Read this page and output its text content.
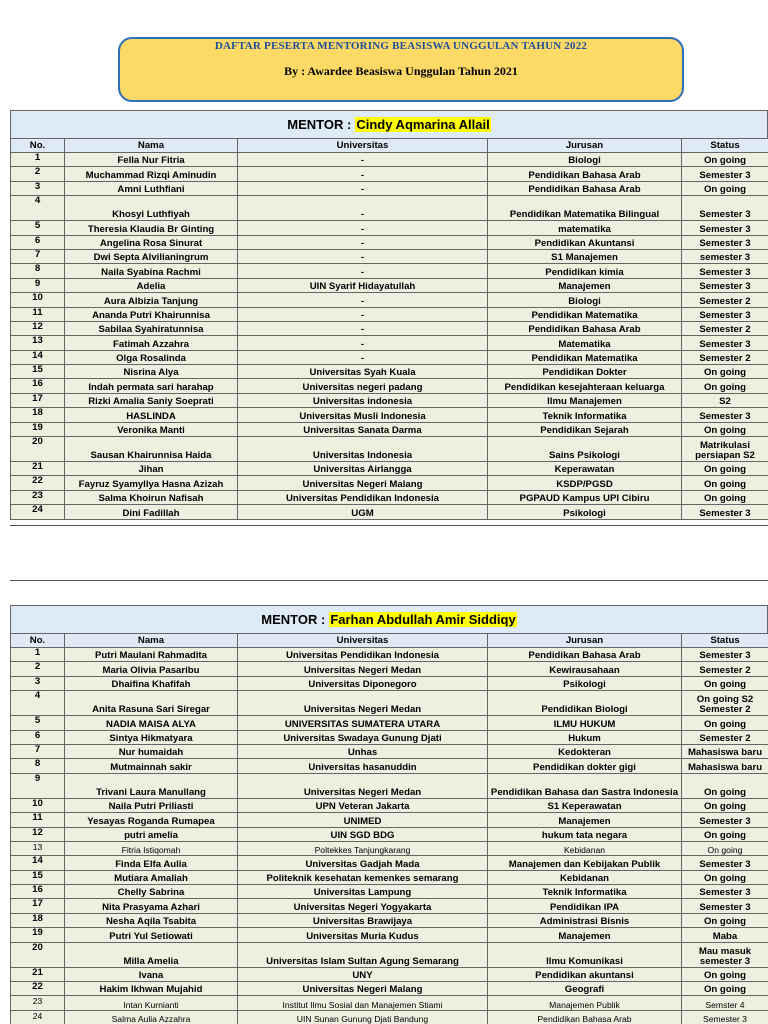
DAFTAR PESERTA MENTORING BEASISWA UNGGULAN TAHUN 2022
By : Awardee Beasiswa Unggulan Tahun 2021
MENTOR : Cindy Aqmarina Allail
No.	Nama	Universitas	Jurusan	Status
1	Fella Nur Fitria	-	Biologi	On going
2	Muchammad Rizqi Aminudin	-	Pendidikan Bahasa Arab	Semester 3
3	Amni Luthfiani	-	Pendidikan Bahasa Arab	On going
4	Khosyi Luthfiyah	-	Pendidikan Matematika Bilingual	Semester 3
5	Theresia Klaudia Br Ginting	-	matematika	Semester 3
6	Angelina Rosa Sinurat	-	Pendidikan Akuntansi	Semester 3
7	Dwi Septa Alvilianingrum	-	S1 Manajemen	semester 3
8	Naila Syabina Rachmi	-	Pendidikan kimia	Semester 3
9	Adelia	UIN Syarif Hidayatullah	Manajemen	Semester 3
10	Aura Albizia Tanjung	-	Biologi	Semester 2
11	Ananda Putri Khairunnisa	-	Pendidikan Matematika	Semester 3
12	Sabilaa Syahiratunnisa	-	Pendidikan Bahasa Arab	Semester 2
13	Fatimah Azzahra	-	Matematika	Semester 3
14	Olga Rosalinda	-	Pendidikan Matematika	Semester 2
15	Nisrina Alya	Universitas Syah Kuala	Pendidikan Dokter	On going
16	Indah permata sari harahap	Universitas negeri padang	Pendidikan kesejahteraan keluarga	On going
17	Rizki Amalia Saniy Soeprati	Universitas indonesia	Ilmu Manajemen	S2
18	HASLINDA	Universitas Musli Indonesia	Teknik Informatika	Semester 3
19	Veronika Manti	Universitas Sanata Darma	Pendidikan Sejarah	On going
20	Sausan Khairunnisa Haida	Universitas Indonesia	Sains Psikologi	Matrikulasi persiapan S2
21	Jihan	Universitas Airlangga	Keperawatan	On going
22	Fayruz Syamyllya Hasna Azizah	Universitas Negeri Malang	KSDP/PGSD	On going
23	Salma Khoirun Nafisah	Universitas Pendidikan Indonesia	PGPAUD Kampus UPI Cibiru	On going
24	Dini Fadillah	UGM	Psikologi	Semester 3
MENTOR : Farhan Abdullah Amir Siddiqy
No.	Nama	Universitas	Jurusan	Status
1	Putri Maulani Rahmadita	Universitas Pendidikan Indonesia	Pendidikan Bahasa Arab	Semester 3
2	Maria Olivia Pasaribu	Universitas Negeri Medan	Kewirausahaan	Semester 2
3	Dhaifina Khafifah	Universitas Diponegoro	Psikologi	On going
4	Anita Rasuna Sari Siregar	Universitas Negeri Medan	Pendidikan Biologi	On going S2 Semester 2
5	NADIA MAISA ALYA	UNIVERSITAS SUMATERA UTARA	ILMU HUKUM	On going
6	Sintya Hikmatyara	Universitas Swadaya Gunung Djati	Hukum	Semester 2
7	Nur humaidah	Unhas	Kedokteran	Mahasiswa baru
8	Mutmainnah sakir	Universitas hasanuddin	Pendidikan dokter gigi	Mahasiswa baru
9	Trivani Laura Manullang	Universitas Negeri Medan	Pendidikan Bahasa dan Sastra Indonesia	On going
10	Naila Putri Priliasti	UPN Veteran Jakarta	S1 Keperawatan	On going
11	Yesayas Roganda Rumapea	UNIMED	Manajemen	Semester 3
12	putri amelia	UIN SGD BDG	hukum tata negara	On going
13	Fitria Istiqomah	Poltekkes Tanjungkarang	Kebidanan	On going
14	Finda Elfa Aulia	Universitas Gadjah Mada	Manajemen dan Kebijakan Publik	Semester 3
15	Mutiara Amaliah	Politeknik kesehatan kemenkes semarang	Kebidanan	On going
16	Chelly Sabrina	Universitas Lampung	Teknik Informatika	Semester 3
17	Nita Prasyama Azhari	Universitas Negeri Yogyakarta	Pendidikan IPA	Semester 3
18	Nesha Aqila Tsabita	Universitas Brawijaya	Administrasi Bisnis	On going
19	Putri Yul Setiowati	Universitas Muria Kudus	Manajemen	Maba
20	Milla Amelia	Universitas Islam Sultan Agung Semarang	Ilmu Komunikasi	Mau masuk semester 3
21	Ivana	UNY	Pendidikan akuntansi	On going
22	Hakim Ikhwan Mujahid	Universitas Negeri Malang	Geografi	On going
23	Intan Kurnianti	Institut Ilmu Sosial dan Manajemen Stiami	Manajemen Publik	Semster 4
24	Salma Aulia Azzahra	UIN Sunan Gunung Djati Bandung	Pendidikan Bahasa Arab	Semester 3
